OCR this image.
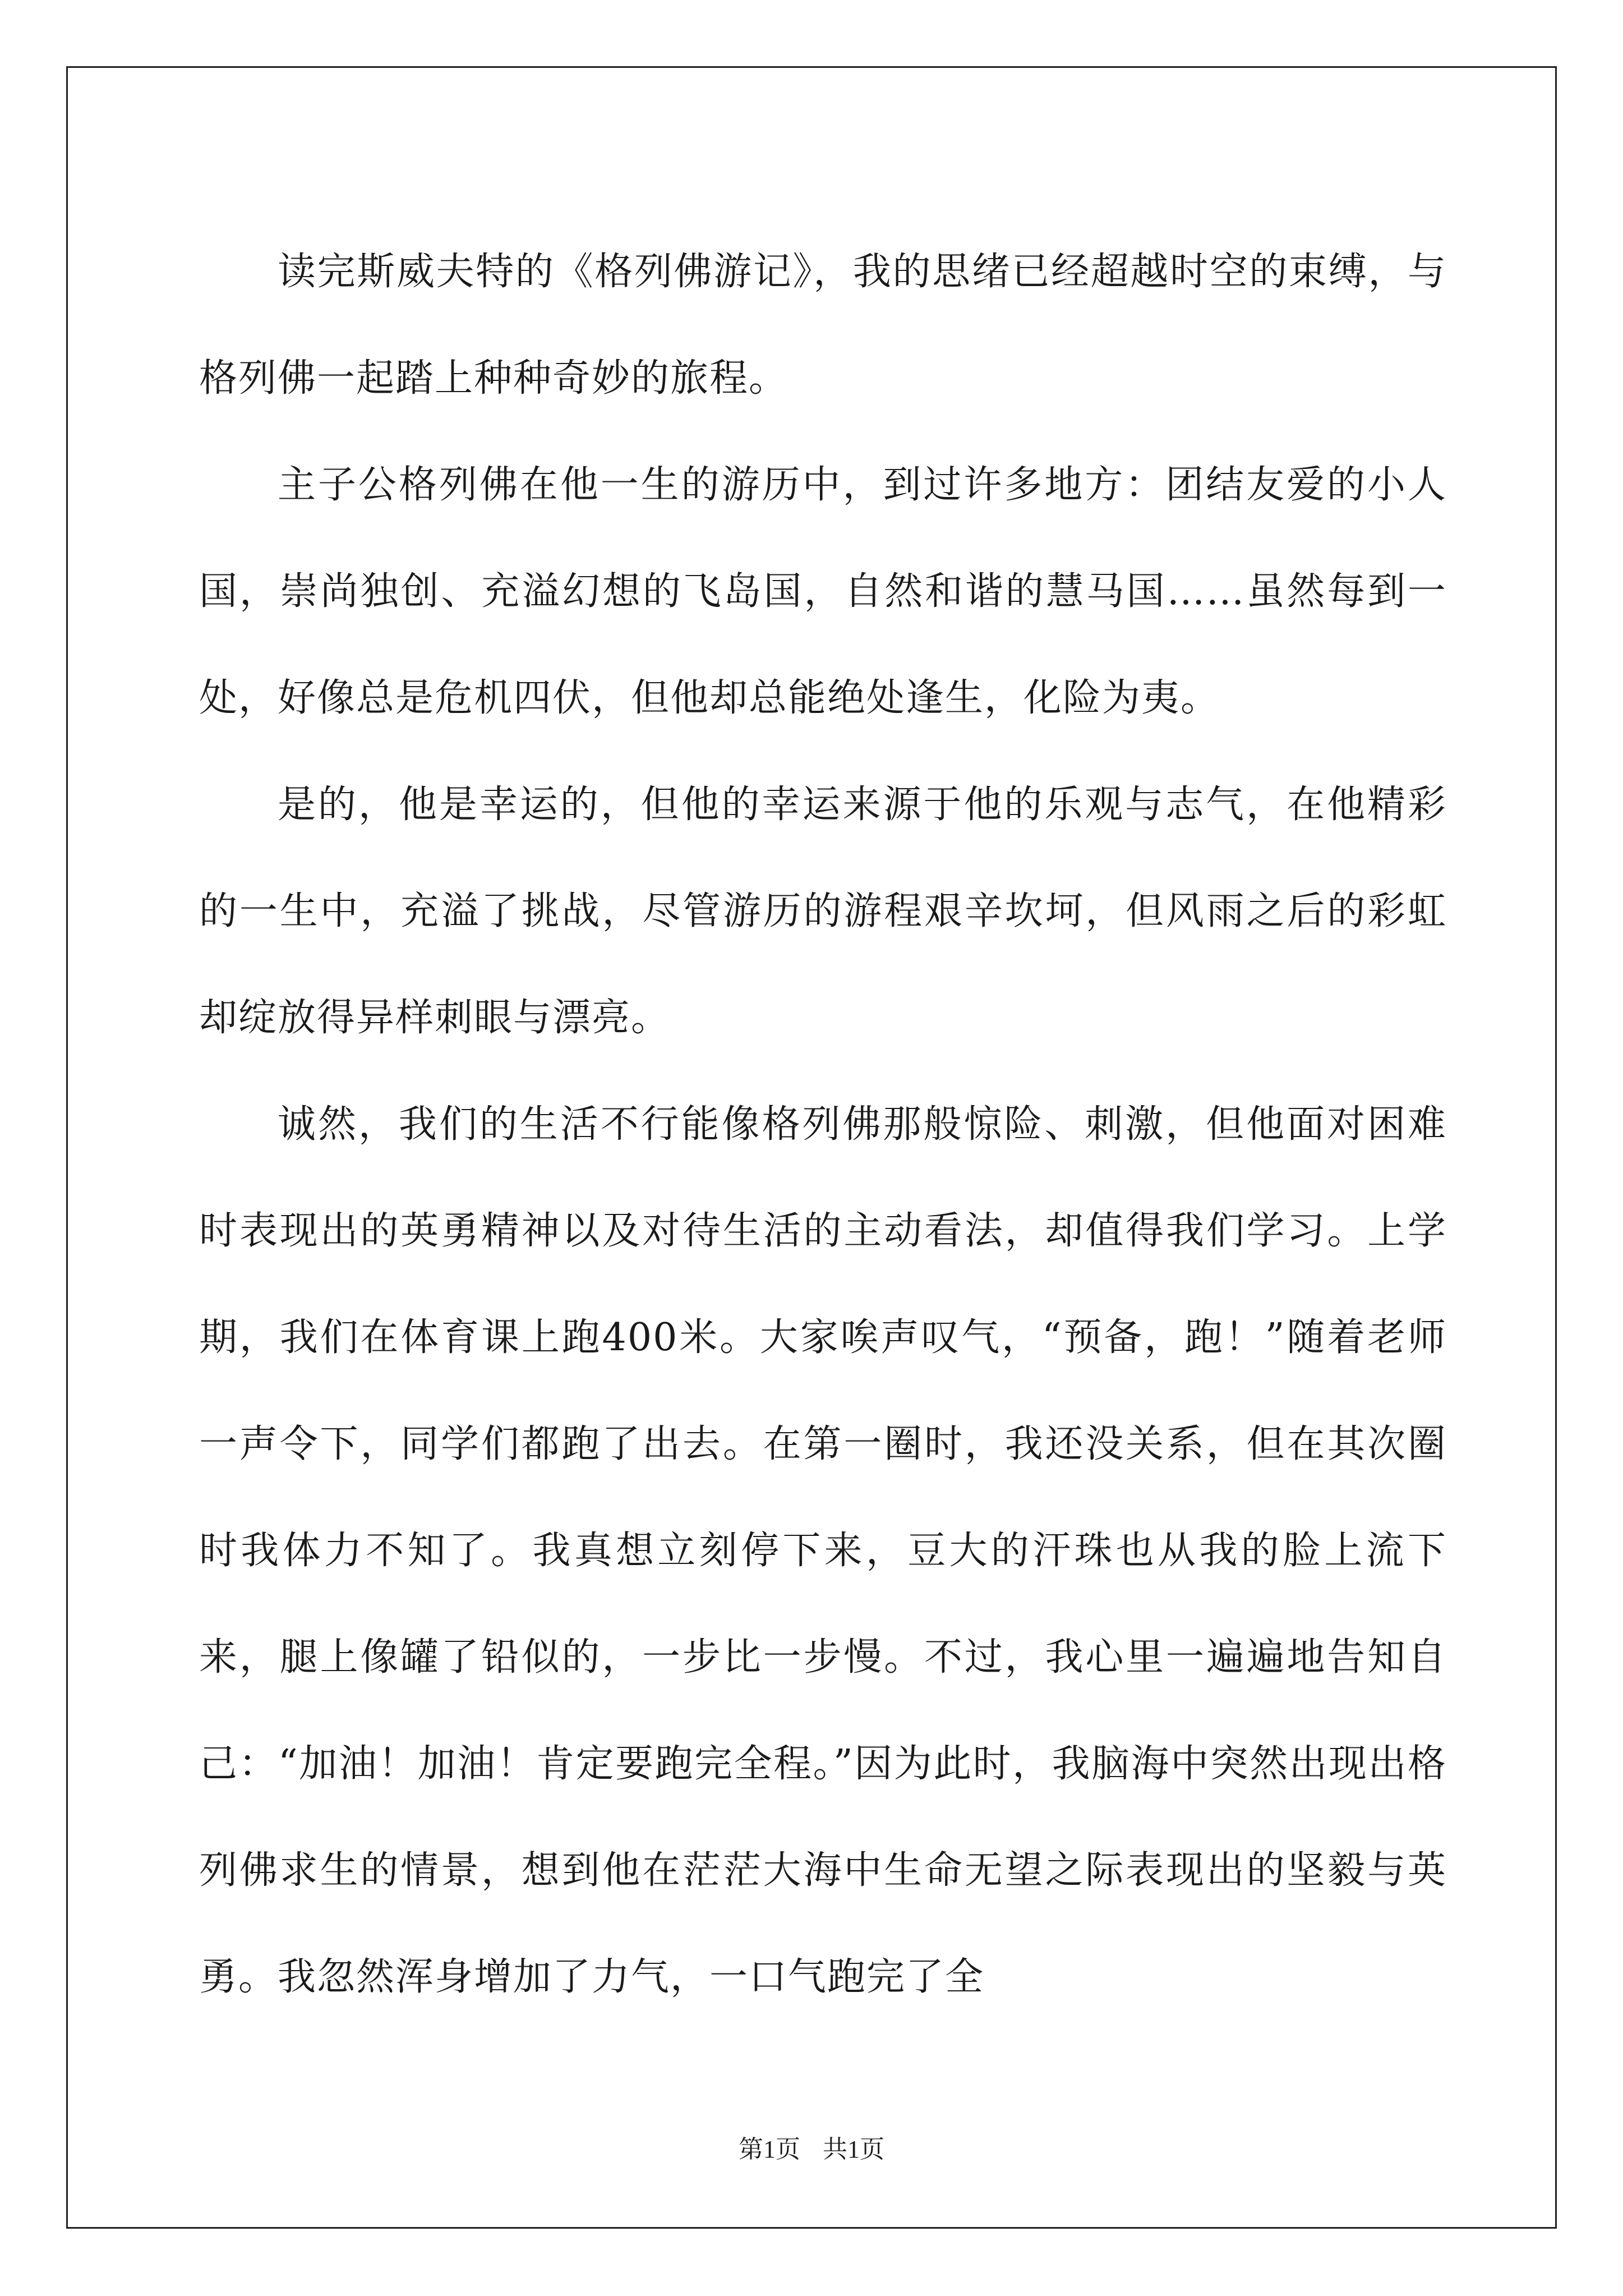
读完斯威夫特的《格列佛游记》，我的思绪已经超越时空的束缚，与格列佛一起踏上种种奇妙的旅程。

主子公格列佛在他一生的游历中，到过许多地方：团结友爱的小人国，崇尚独创、充溢幻想的飞岛国，自然和谐的慧马国……虽然每到一处，好像总是危机四伏，但他却总能绝处逢生，化险为夷。

是的，他是幸运的，但他的幸运来源于他的乐观与志气，在他精彩的一生中，充溢了挑战，尽管游历的游程艰辛坎坷，但风雨之后的彩虹却绽放得异样刺眼与漂亮。

诚然，我们的生活不行能像格列佛那般惊险、刺激，但他面对困难时表现出的英勇精神以及对待生活的主动看法，却值得我们学习。上学期，我们在体育课上跑400米。大家唉声叹气，“预备，跑！”随着老师一声令下，同学们都跑了出去。在第一圈时，我还没关系，但在其次圈时我体力不知了。我真想立刻停下来，豆大的汗珠也从我的脸上流下来，腿上像罐了铅似的，一步比一步慢。不过，我心里一遍遍地告知自己：“加油！加油！肯定要跑完全程。”因为此时，我脑海中突然出现出格列佛求生的情景，想到他在茫茫大海中生命无望之际表现出的坚毅与英勇。我忽然浑身增加了力气，一口气跑完了全

第1页 共1页
